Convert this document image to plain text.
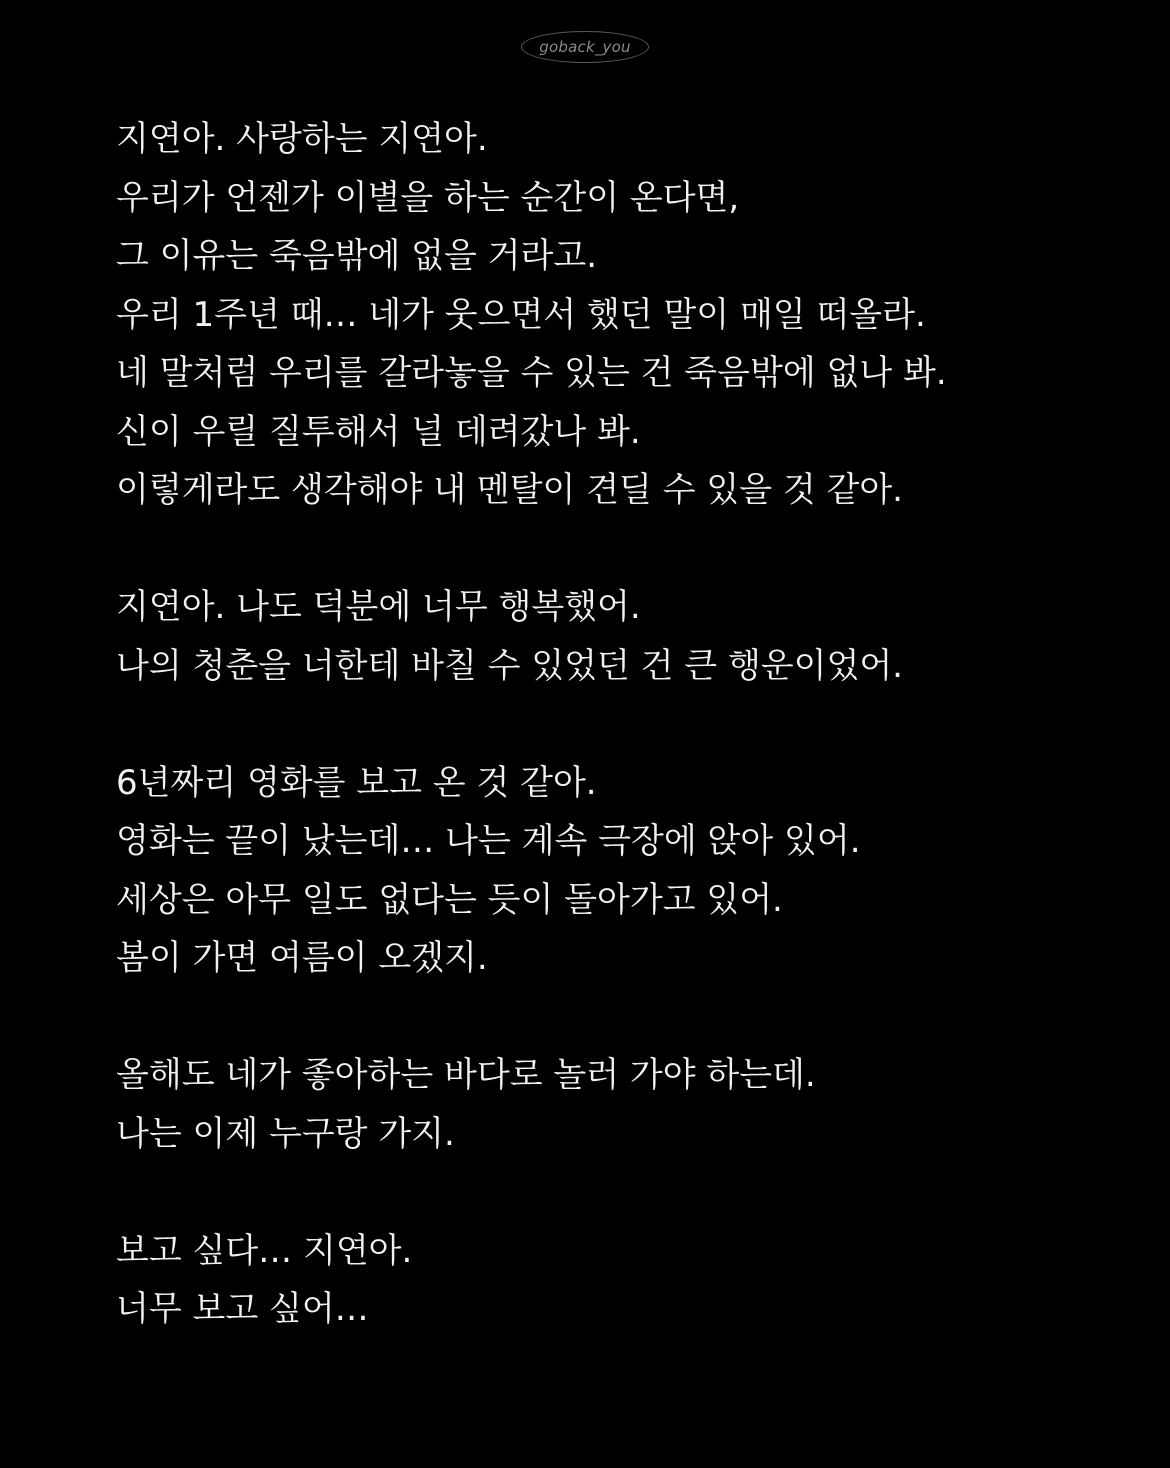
goback_you
지연아. 사랑하는 지연아.
우리가 언젠가 이별을 하는 순간이 온다면,
그 이유는 죽음밖에 없을 거라고.
우리 1주년 때… 네가 웃으면서 했던 말이 매일 떠올라.
네 말처럼 우리를 갈라놓을 수 있는 건 죽음밖에 없나 봐.
신이 우릴 질투해서 널 데려갔나 봐.
이렇게라도 생각해야 내 멘탈이 견딜 수 있을 것 같아.
지연아. 나도 덕분에 너무 행복했어.
나의 청춘을 너한테 바칠 수 있었던 건 큰 행운이었어.
6년짜리 영화를 보고 온 것 같아.
영화는 끝이 났는데… 나는 계속 극장에 앉아 있어.
세상은 아무 일도 없다는 듯이 돌아가고 있어.
봄이 가면 여름이 오겠지.
올해도 네가 좋아하는 바다로 놀러 가야 하는데.
나는 이제 누구랑 가지.
보고 싶다… 지연아.
너무 보고 싶어…
